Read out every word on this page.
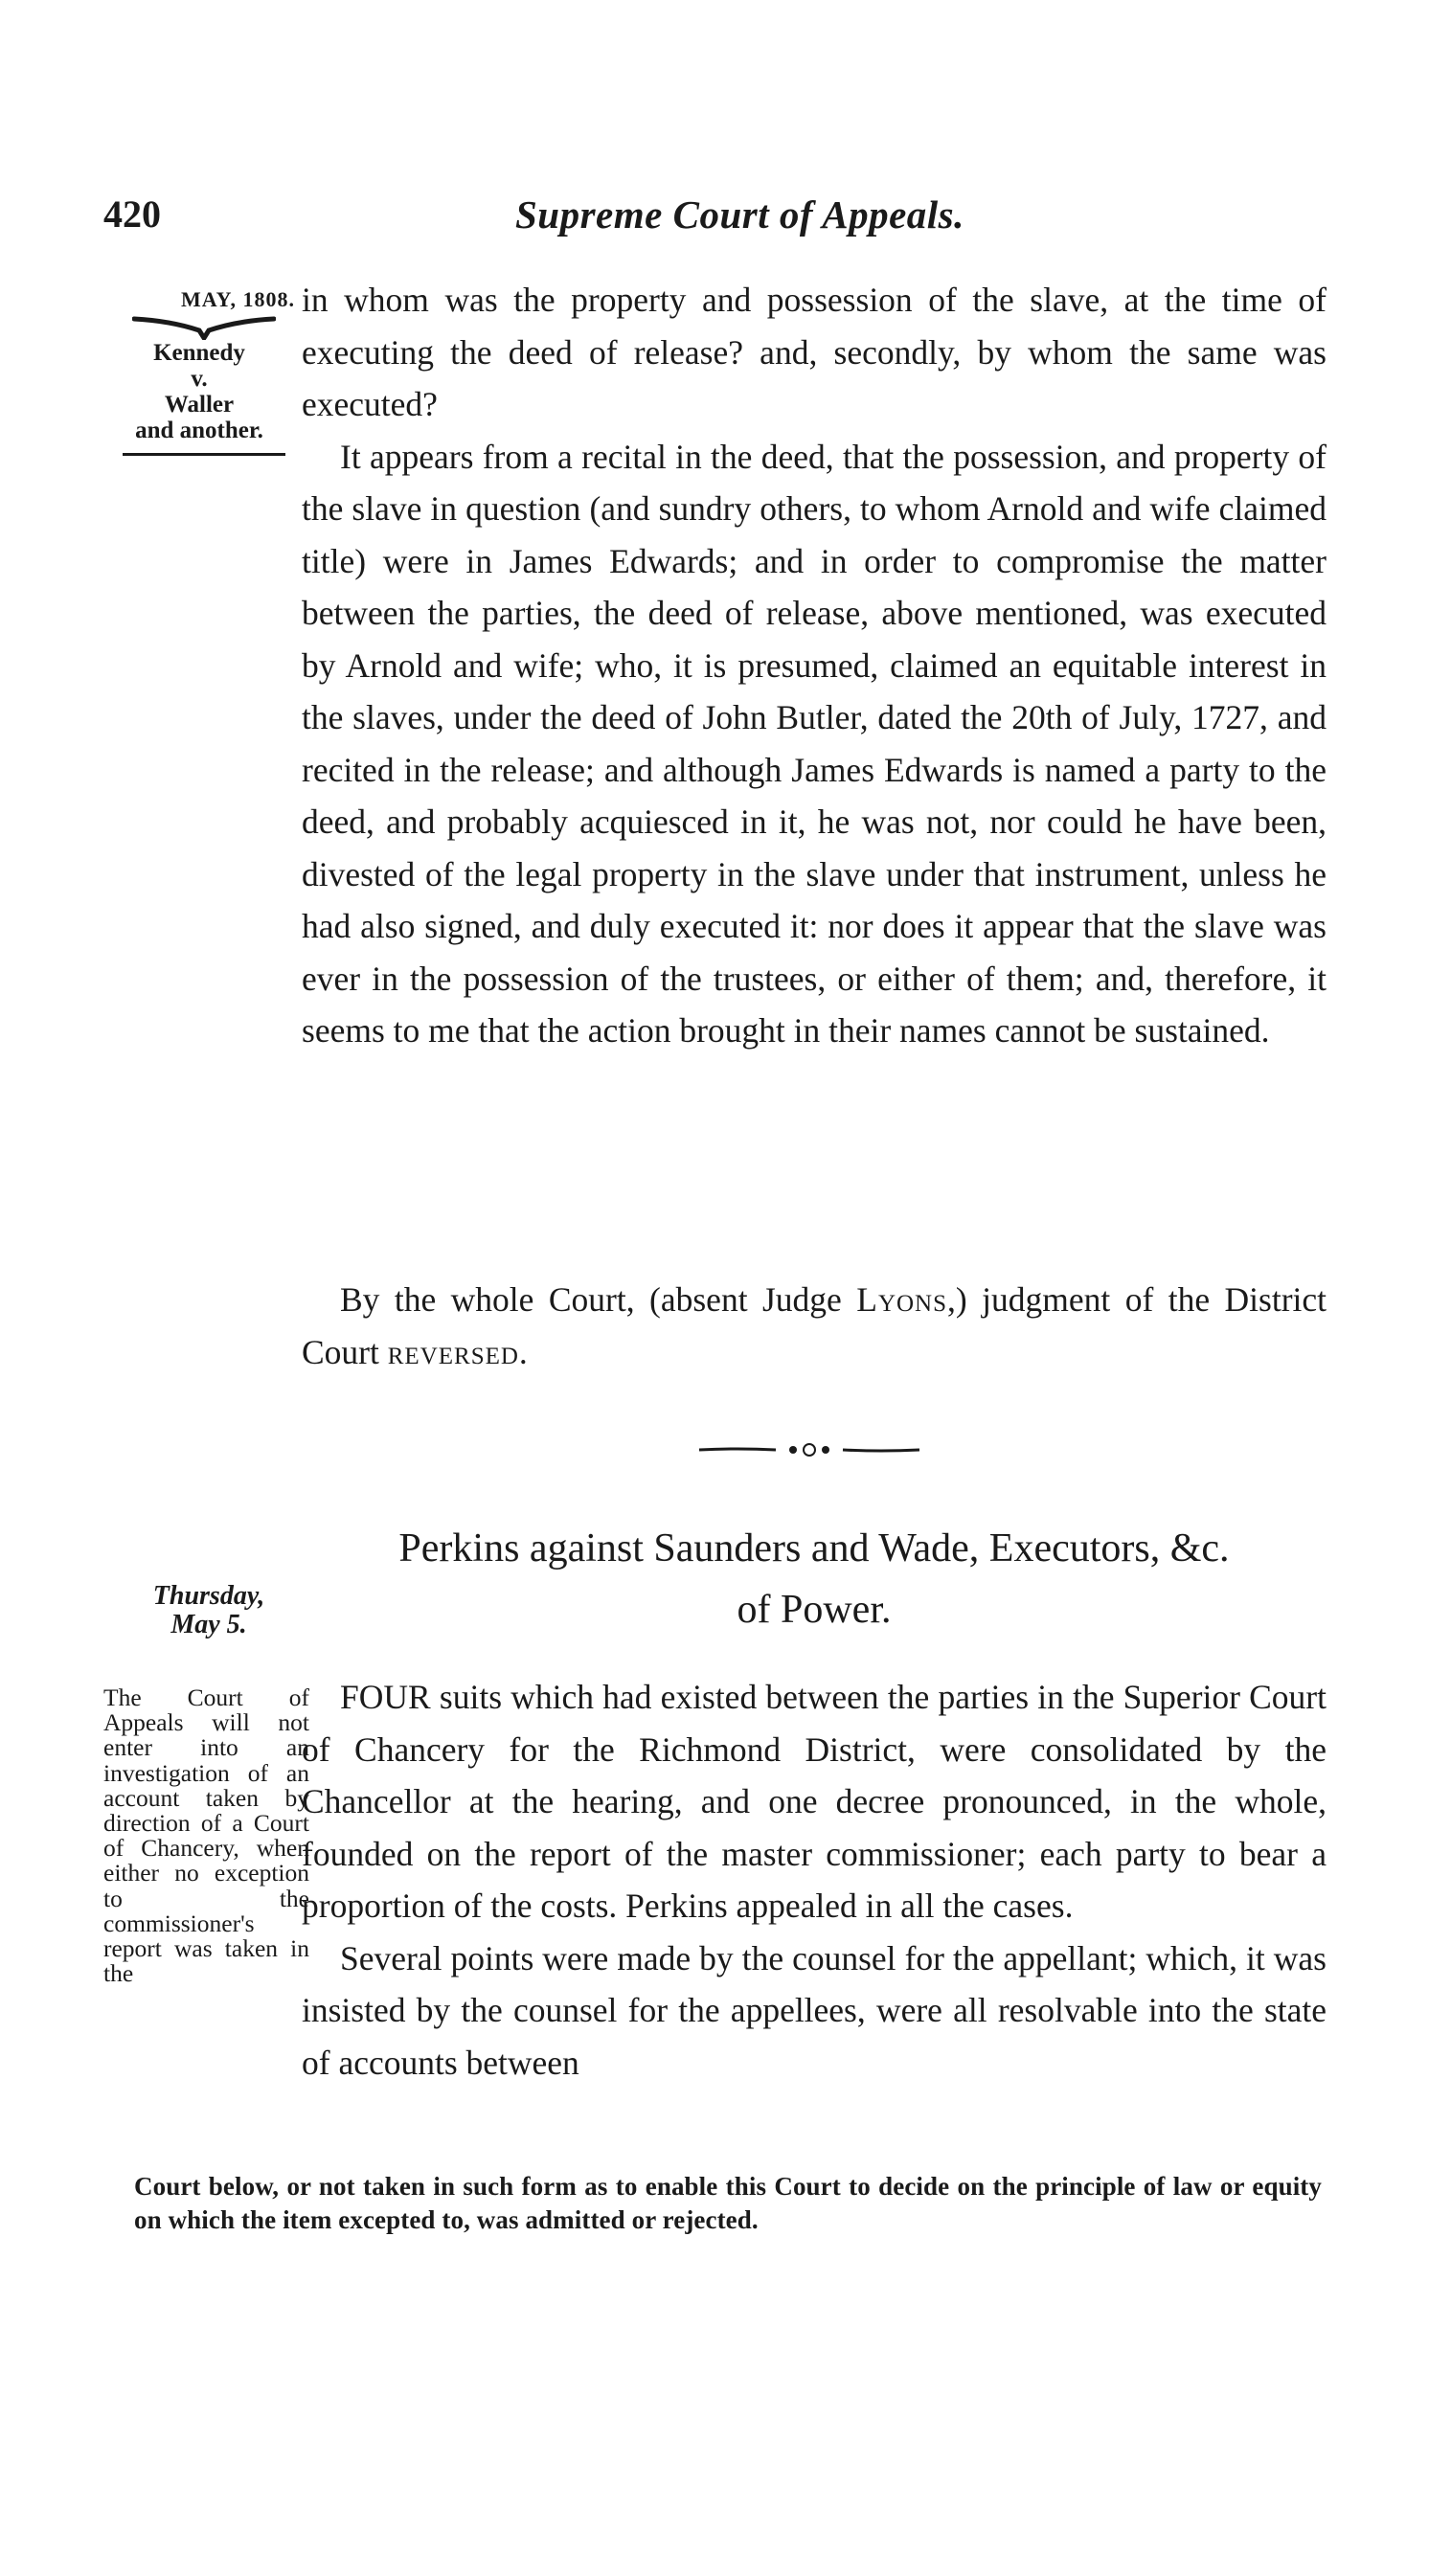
420	Supreme Court of Appeals.
MAY, 1808.
Kennedy
v.
Waller
and another.

in whom was the property and possession of the slave, at the time of executing the deed of release? and, secondly, by whom the same was executed?

It appears from a recital in the deed, that the possession, and property of the slave in question (and sundry others, to whom Arnold and wife claimed title) were in James Edwards; and in order to compromise the matter between the parties, the deed of release, above mentioned, was executed by Arnold and wife; who, it is presumed, claimed an equitable interest in the slaves, under the deed of John Butler, dated the 20th of July, 1727, and recited in the release; and although James Edwards is named a party to the deed, and probably acquiesced in it, he was not, nor could he have been, divested of the legal property in the slave under that instrument, unless he had also signed, and duly executed it: nor does it appear that the slave was ever in the possession of the trustees, or either of them; and, therefore, it seems to me that the action brought in their names cannot be sustained.

By the whole Court, (absent Judge Lyons,) judgment of the District Court reversed.
Perkins against Saunders and Wade, Executors, &c.
of Power.
Thursday,
May 5.
The Court of Appeals will not enter into an investigation of an account taken by direction of a Court of Chancery, when either no exception to the commissioner's report was taken in the

FOUR suits which had existed between the parties in the Superior Court of Chancery for the Richmond District, were consolidated by the Chancellor at the hearing, and one decree pronounced, in the whole, founded on the report of the master commissioner; each party to bear a proportion of the costs. Perkins appealed in all the cases.

Several points were made by the counsel for the appellant; which, it was insisted by the counsel for the appellees, were all resolvable into the state of accounts between

Court below, or not taken in such form as to enable this Court to decide on the principle of law or equity on which the item excepted to, was admitted or rejected.
